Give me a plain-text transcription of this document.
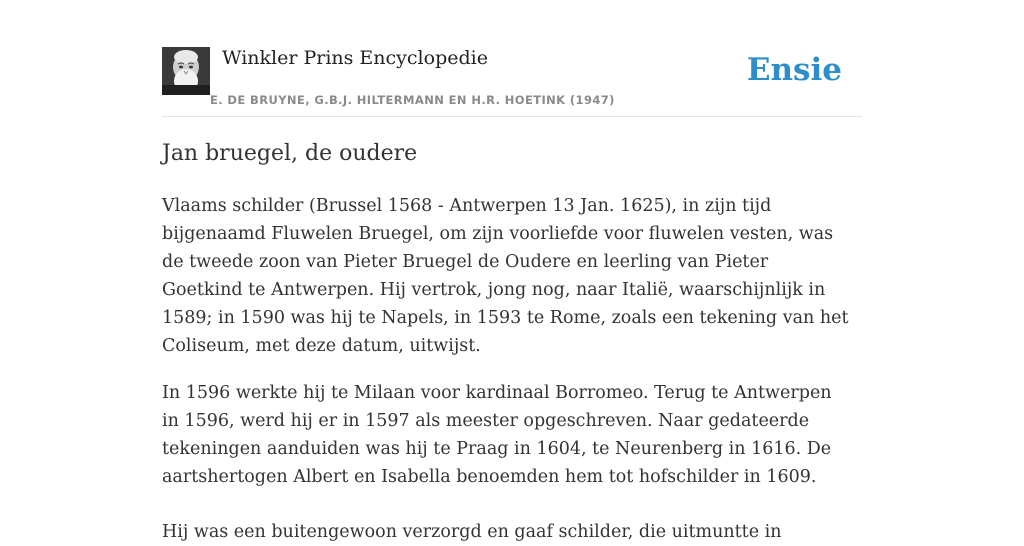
Winkler Prins Encyclopedie
E. DE BRUYNE, G.B.J. HILTERMANN EN H.R. HOETINK (1947)
Ensie
Jan bruegel, de oudere

Vlaams schilder (Brussel 1568 - Antwerpen 13 Jan. 1625), in zijn tijd bijgenaamd Fluwelen Bruegel, om zijn voorliefde voor fluwelen vesten, was de tweede zoon van Pieter Bruegel de Oudere en leerling van Pieter Goetkind te Antwerpen. Hij vertrok, jong nog, naar Italië, waarschijnlijk in 1589; in 1590 was hij te Napels, in 1593 te Rome, zoals een tekening van het Coliseum, met deze datum, uitwijst.

In 1596 werkte hij te Milaan voor kardinaal Borromeo. Terug te Antwerpen in 1596, werd hij er in 1597 als meester opgeschreven. Naar gedateerde tekeningen aanduiden was hij te Praag in 1604, te Neurenberg in 1616. De aartshertogen Albert en Isabella benoemden hem tot hofschilder in 1609.

Hij was een buitengewoon verzorgd en gaaf schilder, die uitmuntte in
